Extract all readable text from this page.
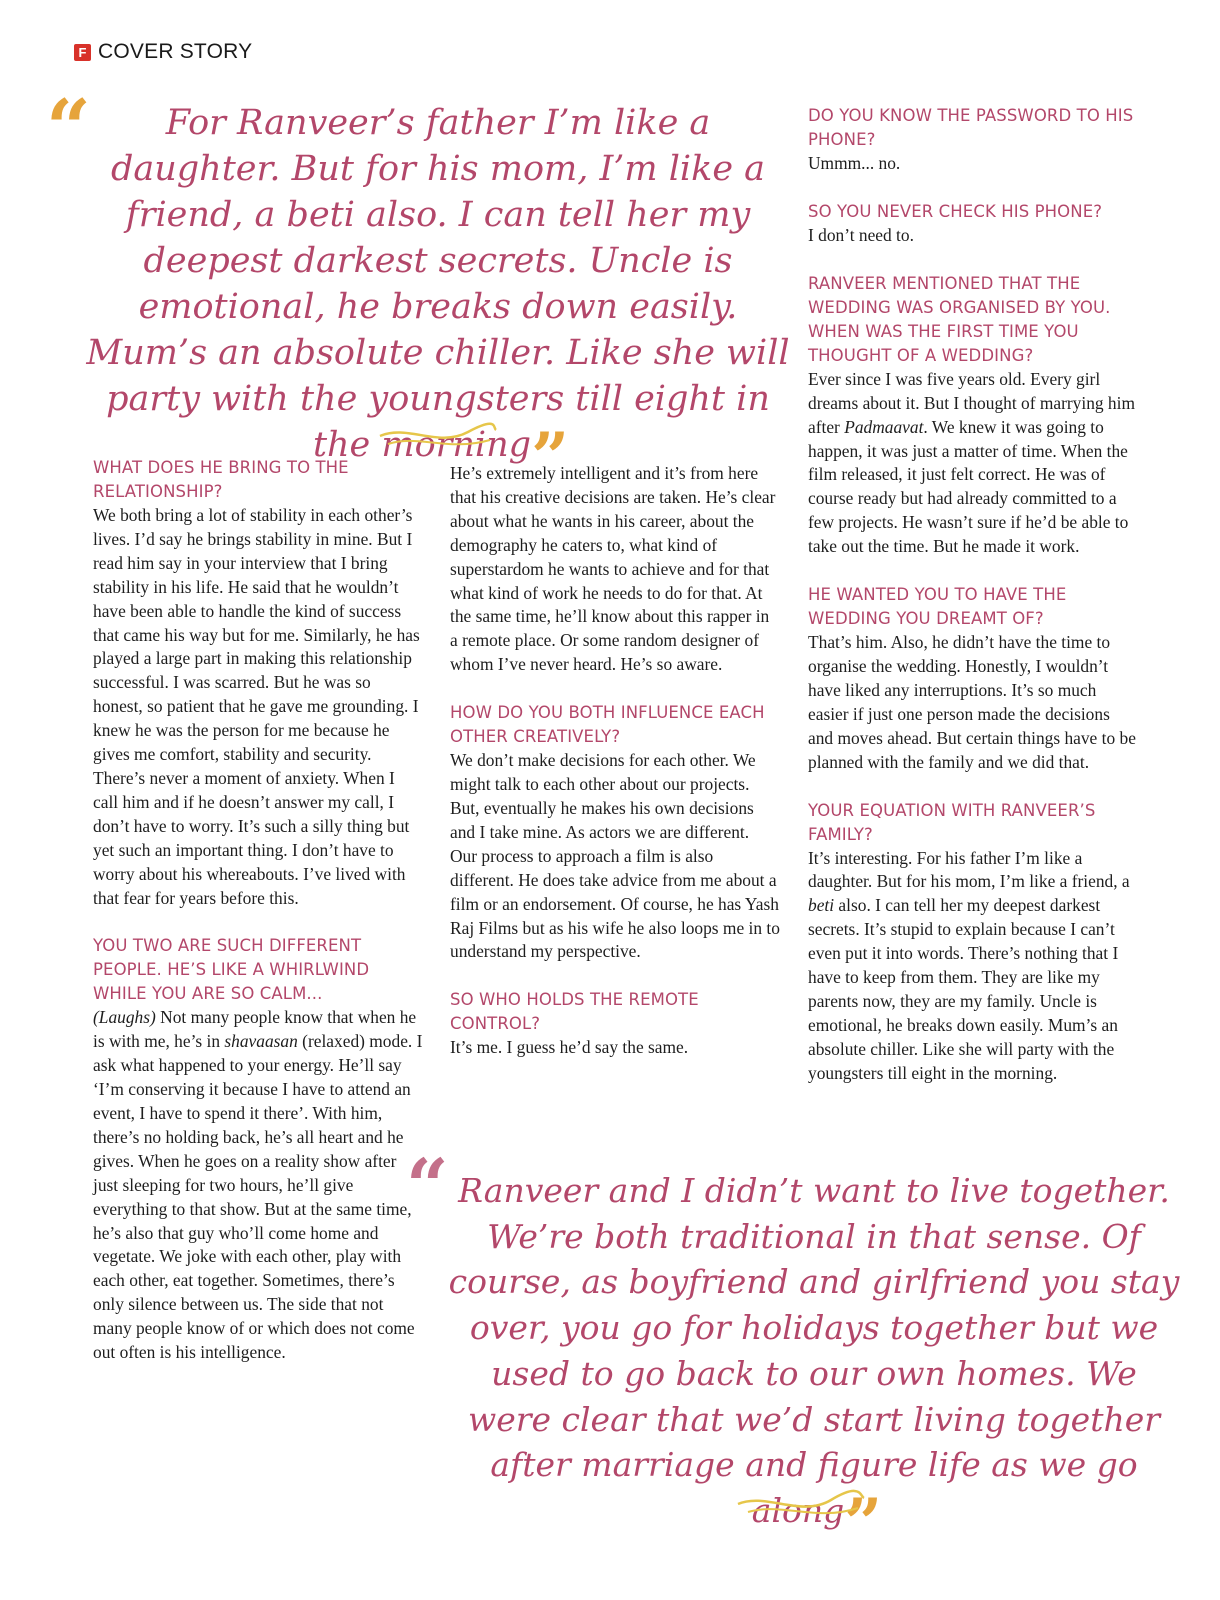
F COVER STORY
“	For Ranveer’s father I’m like a daughter. But for his mom, I’m like a friend, a beti also. I can tell her my deepest darkest secrets. Uncle is emotional, he breaks down easily. Mum’s an absolute chiller. Like she will party with the youngsters till eight in the morning”
WHAT DOES HE BRING TO THE RELATIONSHIP?

We both bring a lot of stability in each other’s lives. I’d say he brings stability in mine. But I read him say in your interview that I bring stability in his life. He said that he wouldn’t have been able to handle the kind of success that came his way but for me. Similarly, he has played a large part in making this relationship successful. I was scarred. But he was so honest, so patient that he gave me grounding. I knew he was the person for me because he gives me comfort, stability and security. There’s never a moment of anxiety. When I call him and if he doesn’t answer my call, I don’t have to worry. It’s such a silly thing but yet such an important thing. I don’t have to worry about his whereabouts. I’ve lived with that fear for years before this.

YOU TWO ARE SUCH DIFFERENT PEOPLE. HE’S LIKE A WHIRLWIND WHILE YOU ARE SO CALM...

(Laughs) Not many people know that when he is with me, he’s in shavaasan (relaxed) mode. I ask what happened to your energy. He’ll say ‘I’m conserving it because I have to attend an event, I have to spend it there’. With him, there’s no holding back, he’s all heart and he gives. When he goes on a reality show after just sleeping for two hours, he’ll give everything to that show. But at the same time, he’s also that guy who’ll come home and vegetate. We joke with each other, play with each other, eat together. Sometimes, there’s only silence between us. The side that not many people know of or which does not come out often is his intelligence.

He’s extremely intelligent and it’s from here that his creative decisions are taken. He’s clear about what he wants in his career, about the demography he caters to, what kind of superstardom he wants to achieve and for that what kind of work he needs to do for that. At the same time, he’ll know about this rapper in a remote place. Or some random designer of whom I’ve never heard. He’s so aware.

HOW DO YOU BOTH INFLUENCE EACH OTHER CREATIVELY?

We don’t make decisions for each other. We might talk to each other about our projects. But, eventually he makes his own decisions and I take mine. As actors we are different. Our process to approach a film is also different. He does take advice from me about a film or an endorsement. Of course, he has Yash Raj Films but as his wife he also loops me in to understand my perspective.

SO WHO HOLDS THE REMOTE CONTROL?

It’s me. I guess he’d say the same.

DO YOU KNOW THE PASSWORD TO HIS PHONE?

Ummm... no.

SO YOU NEVER CHECK HIS PHONE?

I don’t need to.

RANVEER MENTIONED THAT THE WEDDING WAS ORGANISED BY YOU. WHEN WAS THE FIRST TIME YOU THOUGHT OF A WEDDING?

Ever since I was five years old. Every girl dreams about it. But I thought of marrying him after Padmaavat. We knew it was going to happen, it was just a matter of time. When the film released, it just felt correct. He was of course ready but had already committed to a few projects. He wasn’t sure if he’d be able to take out the time. But he made it work.

HE WANTED YOU TO HAVE THE WEDDING YOU DREAMT OF?

That’s him. Also, he didn’t have the time to organise the wedding. Honestly, I wouldn’t have liked any interruptions. It’s so much easier if just one person made the decisions and moves ahead. But certain things have to be planned with the family and we did that.

YOUR EQUATION WITH RANVEER’S FAMILY?

It’s interesting. For his father I’m like a daughter. But for his mom, I’m like a friend, a beti also. I can tell her my deepest darkest secrets. It’s stupid to explain because I can’t even put it into words. There’s nothing that I have to keep from them. They are like my parents now, they are my family. Uncle is emotional, he breaks down easily. Mum’s an absolute chiller. Like she will party with the youngsters till eight in the morning.

“ Ranveer and I didn’t want to live together. We’re both traditional in that sense. Of course, as boyfriend and girlfriend you stay over, you go for holidays together but we used to go back to our own homes. We were clear that we’d start living together after marriage and figure life as we go along”
